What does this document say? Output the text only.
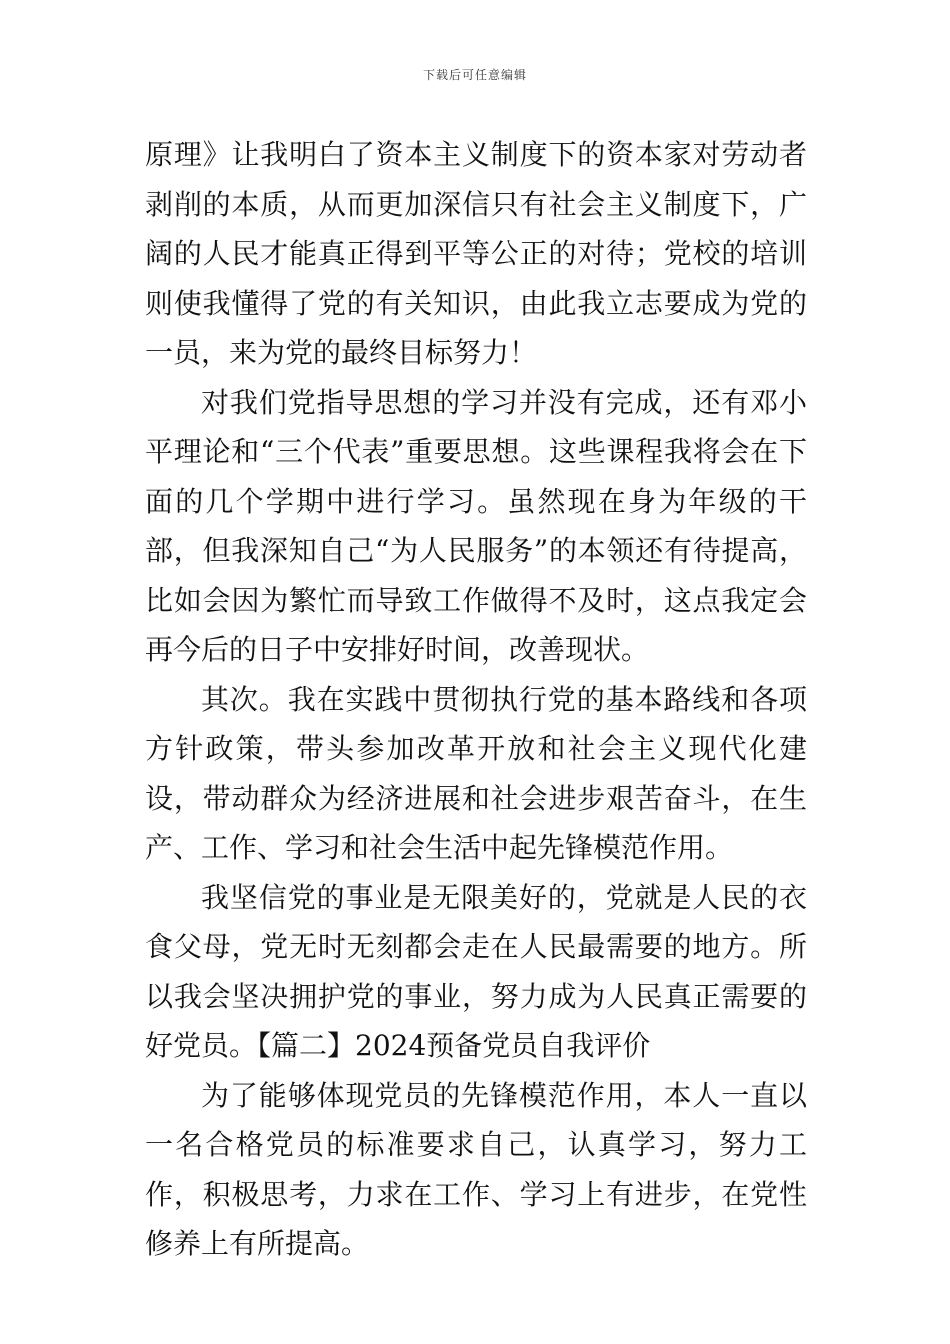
下载后可任意编辑

原理》让我明白了资本主义制度下的资本家对劳动者剥削的本质，从而更加深信只有社会主义制度下，广阔的人民才能真正得到平等公正的对待；党校的培训则使我懂得了党的有关知识，由此我立志要成为党的一员，来为党的最终目标努力！

对我们党指导思想的学习并没有完成，还有邓小平理论和“三个代表”重要思想。这些课程我将会在下面的几个学期中进行学习。虽然现在身为年级的干部，但我深知自己“为人民服务”的本领还有待提高，比如会因为繁忙而导致工作做得不及时，这点我定会再今后的日子中安排好时间，改善现状。

其次。我在实践中贯彻执行党的基本路线和各项方针政策，带头参加改革开放和社会主义现代化建设，带动群众为经济进展和社会进步艰苦奋斗，在生产、工作、学习和社会生活中起先锋模范作用。

我坚信党的事业是无限美好的，党就是人民的衣食父母，党无时无刻都会走在人民最需要的地方。所以我会坚决拥护党的事业，努力成为人民真正需要的好党员。【篇二】2024预备党员自我评价

为了能够体现党员的先锋模范作用，本人一直以一名合格党员的标准要求自己，认真学习，努力工作，积极思考，力求在工作、学习上有进步，在党性修养上有所提高。
